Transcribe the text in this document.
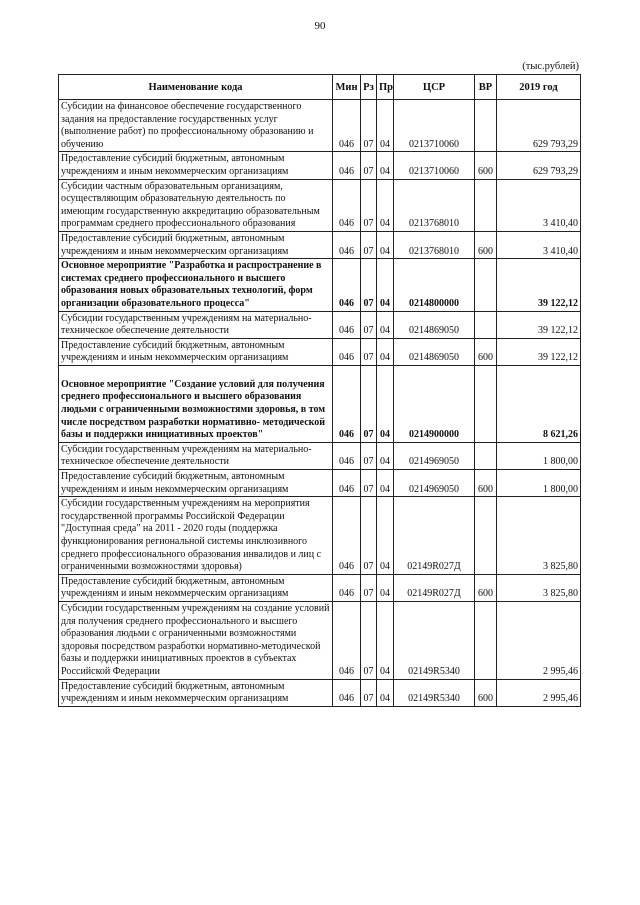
90
(тыс.рублей)
Наименование кода	Мин	Рз	Пр	ЦСР	ВР	2019 год
Субсидии на финансовое обеспечение государственного задания на предоставление государственных услуг (выполнение работ) по профессиональному образованию и обучению	046	07	04	0213710060		629 793,29
Предоставление субсидий бюджетным, автономным учреждениям и иным некоммерческим организациям	046	07	04	0213710060	600	629 793,29
Субсидии частным образовательным организациям, осуществляющим образовательную деятельность по имеющим государственную аккредитацию образовательным программам среднего профессионального образования	046	07	04	0213768010		3 410,40
Предоставление субсидий бюджетным, автономным учреждениям и иным некоммерческим организациям	046	07	04	0213768010	600	3 410,40
Основное мероприятие "Разработка и распространение в системах среднего профессионального и высшего образования новых образовательных технологий, форм организации образовательного процесса"	046	07	04	0214800000		39 122,12
Субсидии государственным учреждениям на материально-техническое обеспечение деятельности	046	07	04	0214869050		39 122,12
Предоставление субсидий бюджетным, автономным учреждениям и иным некоммерческим организациям	046	07	04	0214869050	600	39 122,12
Основное мероприятие "Создание условий для получения среднего профессионального и высшего образования людьми с ограниченными возможностями здоровья, в том числе посредством разработки нормативно- методической базы и поддержки инициативных проектов"	046	07	04	0214900000		8 621,26
Субсидии государственным учреждениям на материально-техническое обеспечение деятельности	046	07	04	0214969050		1 800,00
Предоставление субсидий бюджетным, автономным учреждениям и иным некоммерческим организациям	046	07	04	0214969050	600	1 800,00
Субсидии государственным учреждениям на мероприятия государственной программы Российской Федерации "Доступная среда" на 2011 - 2020 годы (поддержка функционирования региональной системы инклюзивного среднего профессионального образования инвалидов и лиц с ограниченными возможностями здоровья)	046	07	04	02149R027Д		3 825,80
Предоставление субсидий бюджетным, автономным учреждениям и иным некоммерческим организациям	046	07	04	02149R027Д	600	3 825,80
Субсидии государственным учреждениям на создание условий для получения среднего профессионального и высшего образования людьми с ограниченными возможностями здоровья посредством разработки нормативно-методической базы и поддержки инициативных проектов в субъектах Российской Федерации	046	07	04	02149R5340		2 995,46
Предоставление субсидий бюджетным, автономным учреждениям и иным некоммерческим организациям	046	07	04	02149R5340	600	2 995,46
